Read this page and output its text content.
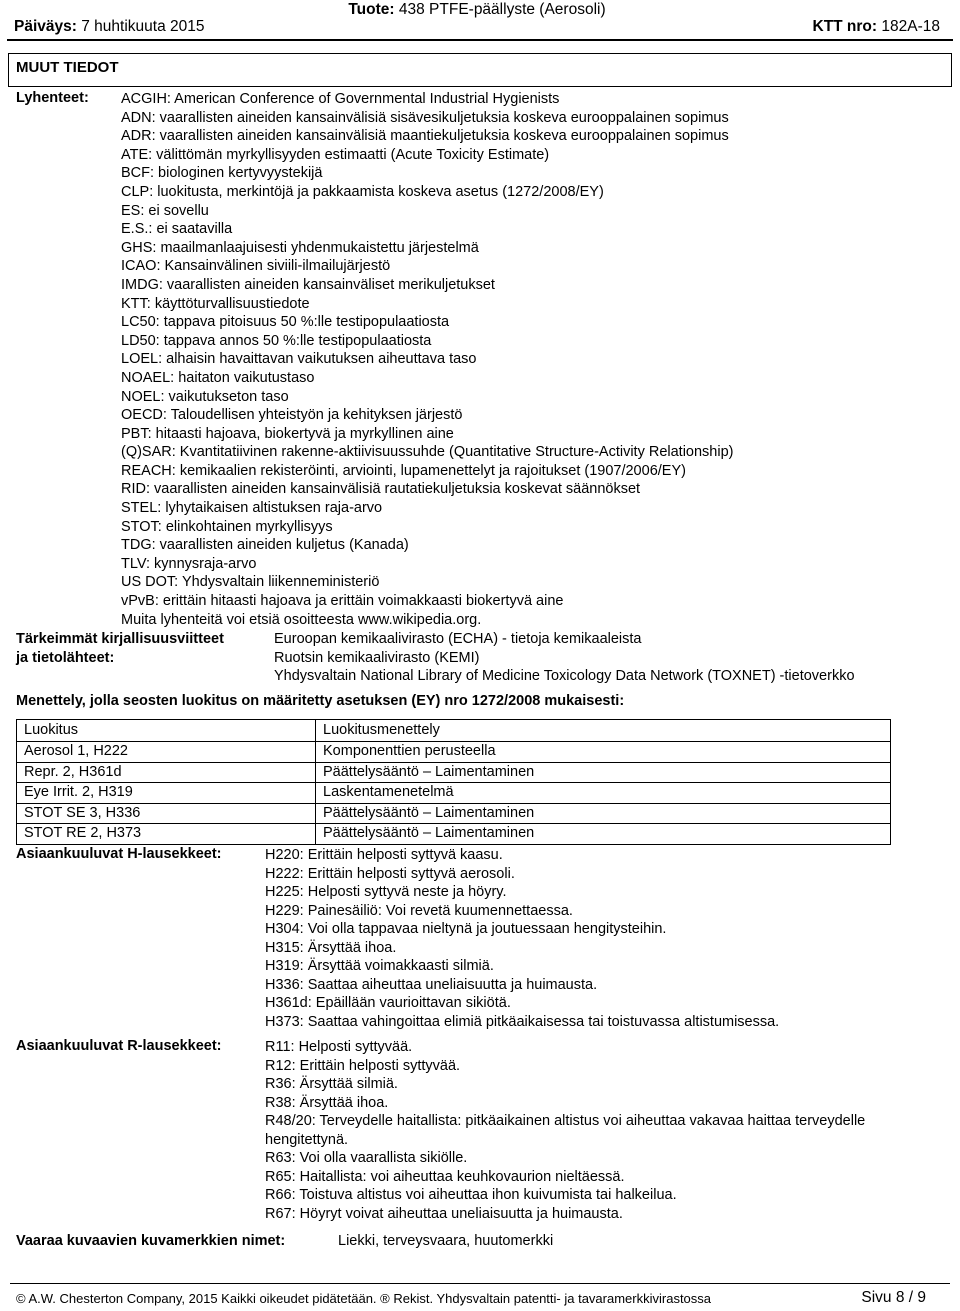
Tuote: 438 PTFE-päällyste (Aerosoli)
Päiväys: 7 huhtikuuta 2015	KTT nro: 182A-18
MUUT TIEDOT
Lyhenteet: ACGIH: American Conference of Governmental Industrial Hygienists
ADN: vaarallisten aineiden kansainvälisiä sisävesikuljetuksia koskeva eurooppalainen sopimus
ADR: vaarallisten aineiden kansainvälisiä maantiekuljetuksia koskeva eurooppalainen sopimus
ATE: välittömän myrkyllisyyden estimaatti (Acute Toxicity Estimate)
BCF: biologinen kertyvyystekijä
CLP: luokitusta, merkintöjä ja pakkaamista koskeva asetus (1272/2008/EY)
ES: ei sovellu
E.S.: ei saatavilla
GHS: maailmanlaajuisesti yhdenmukaistettu järjestelmä
ICAO: Kansainvälinen siviili-ilmailujärjestö
IMDG: vaarallisten aineiden kansainväliset merikuljetukset
KTT: käyttöturvallisuustiedote
LC50: tappava pitoisuus 50 %:lle testipopulaatiosta
LD50: tappava annos 50 %:lle testipopulaatiosta
LOEL: alhaisin havaittavan vaikutuksen aiheuttava taso
NOAEL: haitaton vaikutustaso
NOEL: vaikutukseton taso
OECD: Taloudellisen yhteistyön ja kehityksen järjestö
PBT: hitaasti hajoava, biokertyvä ja myrkyllinen aine
(Q)SAR: Kvantitatiivinen rakenne-aktiivisuussuhde (Quantitative Structure-Activity Relationship)
REACH: kemikaalien rekisteröinti, arviointi, lupamenettelyt ja rajoitukset (1907/2006/EY)
RID: vaarallisten aineiden kansainvälisiä rautatiekuljetuksia koskevat säännökset
STEL: lyhytaikaisen altistuksen raja-arvo
STOT: elinkohtainen myrkyllisyys
TDG: vaarallisten aineiden kuljetus (Kanada)
TLV: kynnysraja-arvo
US DOT: Yhdysvaltain liikenneministeriö
vPvB: erittäin hitaasti hajoava ja erittäin voimakkaasti biokertyvä aine
Muita lyhenteitä voi etsiä osoitteesta www.wikipedia.org.
Tärkeimmät kirjallisuusviitteet
ja tietolähteet:
Euroopan kemikaalivirasto (ECHA) - tietoja kemikaaleista
Ruotsin kemikaalivirasto (KEMI)
Yhdysvaltain National Library of Medicine Toxicology Data Network (TOXNET) -tietoverkko
Menettely, jolla seosten luokitus on määritetty asetuksen (EY) nro 1272/2008 mukaisesti:
Luokitus	Luokitusmenettely
Aerosol 1, H222	Komponenttien perusteella
Repr. 2, H361d	Päättelysääntö – Laimentaminen
Eye Irrit. 2, H319	Laskentamenetelmä
STOT SE 3, H336	Päättelysääntö – Laimentaminen
STOT RE 2, H373	Päättelysääntö – Laimentaminen
Asiaankuuluvat H-lausekkeet:	H220: Erittäin helposti syttyvä kaasu.
H222: Erittäin helposti syttyvä aerosoli.
H225: Helposti syttyvä neste ja höyry.
H229: Painesäiliö: Voi revetä kuumennettaessa.
H304: Voi olla tappavaa nieltynä ja joutuessaan hengitysteihin.
H315: Ärsyttää ihoa.
H319: Ärsyttää voimakkaasti silmiä.
H336: Saattaa aiheuttaa uneliaisuutta ja huimausta.
H361d: Epäillään vaurioittavan sikiötä.
H373: Saattaa vahingoittaa elimiä pitkäaikaisessa tai toistuvassa altistumisessa.
Asiaankuuluvat R-lausekkeet:	R11: Helposti syttyvää.
R12: Erittäin helposti syttyvää.
R36: Ärsyttää silmiä.
R38: Ärsyttää ihoa.
R48/20: Terveydelle haitallista: pitkäaikainen altistus voi aiheuttaa vakavaa haittaa terveydelle hengitettynä.
R63: Voi olla vaarallista sikiölle.
R65: Haitallista: voi aiheuttaa keuhkovaurion nieltäessä.
R66: Toistuva altistus voi aiheuttaa ihon kuivumista tai halkeilua.
R67: Höyryt voivat aiheuttaa uneliaisuutta ja huimausta.
Vaaraa kuvaavien kuvamerkkien nimet:	Liekki, terveysvaara, huutomerkki
© A.W. Chesterton Company, 2015 Kaikki oikeudet pidätetään. ® Rekist. Yhdysvaltain patentti- ja tavaramerkkivirastossa	Sivu 8 / 9
